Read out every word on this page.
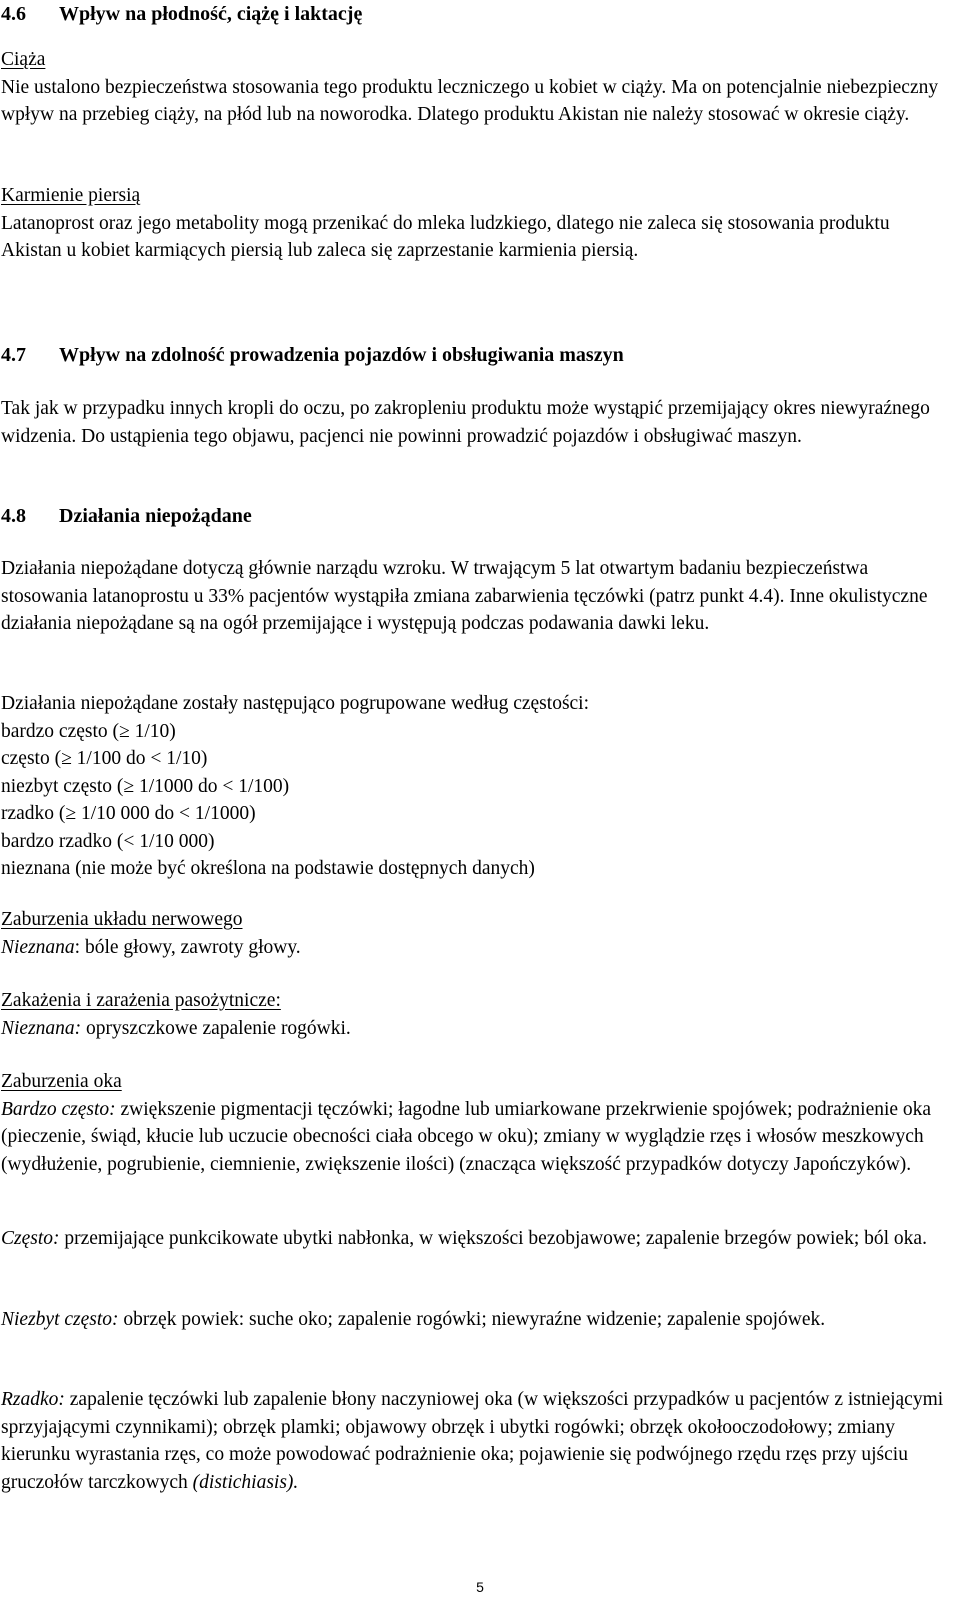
4.6 Wpływ na płodność, ciążę i laktację
Ciąża
Nie ustalono bezpieczeństwa stosowania tego produktu leczniczego u kobiet w ciąży. Ma on potencjalnie niebezpieczny wpływ na przebieg ciąży, na płód lub na noworodka. Dlatego produktu Akistan nie należy stosować w okresie ciąży.
Karmienie piersią
Latanoprost oraz jego metabolity mogą przenikać do mleka ludzkiego, dlatego nie zaleca się stosowania produktu Akistan u kobiet karmiących piersią lub zaleca się zaprzestanie karmienia piersią.
4.7 Wpływ na zdolność prowadzenia pojazdów i obsługiwania maszyn
Tak jak w przypadku innych kropli do oczu, po zakropleniu produktu może wystąpić przemijający okres niewyraźnego widzenia. Do ustąpienia tego objawu, pacjenci nie powinni prowadzić pojazdów i obsługiwać maszyn.
4.8 Działania niepożądane
Działania niepożądane dotyczą głównie narządu wzroku. W trwającym 5 lat otwartym badaniu bezpieczeństwa stosowania latanoprostu u 33% pacjentów wystąpiła zmiana zabarwienia tęczówki (patrz punkt 4.4). Inne okulistyczne działania niepożądane są na ogół przemijające i występują podczas podawania dawki leku.
Działania niepożądane zostały następująco pogrupowane według częstości:
bardzo często (≥ 1/10)
często (≥ 1/100 do < 1/10)
niezbyt często (≥ 1/1000 do < 1/100)
rzadko (≥ 1/10 000 do < 1/1000)
bardzo rzadko (< 1/10 000)
nieznana (nie może być określona na podstawie dostępnych danych)
Zaburzenia układu nerwowego
Nieznana: bóle głowy, zawroty głowy.
Zakażenia i zarażenia pasożytnicze:
Nieznana: opryszczkowe zapalenie rogówki.
Zaburzenia oka
Bardzo często: zwiększenie pigmentacji tęczówki; łagodne lub umiarkowane przekrwienie spojówek; podrażnienie oka (pieczenie, świąd, kłucie lub uczucie obecności ciała obcego w oku); zmiany w wyglądzie rzęs i włosów meszkowych (wydłużenie, pogrubienie, ciemnienie, zwiększenie ilości) (znacząca większość przypadków dotyczy Japończyków).
Często: przemijające punkcikowate ubytki nabłonka, w większości bezobjawowe; zapalenie brzegów powiek; ból oka.
Niezbyt często: obrzęk powiek: suche oko; zapalenie rogówki; niewyraźne widzenie; zapalenie spojówek.
Rzadko: zapalenie tęczówki lub zapalenie błony naczyniowej oka (w większości przypadków u pacjentów z istniejącymi sprzyjającymi czynnikami); obrzęk plamki; objawowy obrzęk i ubytki rogówki; obrzęk okołooczodołowy; zmiany kierunku wyrastania rzęs, co może powodować podrażnienie oka; pojawienie się podwójnego rzędu rzęs przy ujściu gruczołów tarczkowych (distichiasis).
5
